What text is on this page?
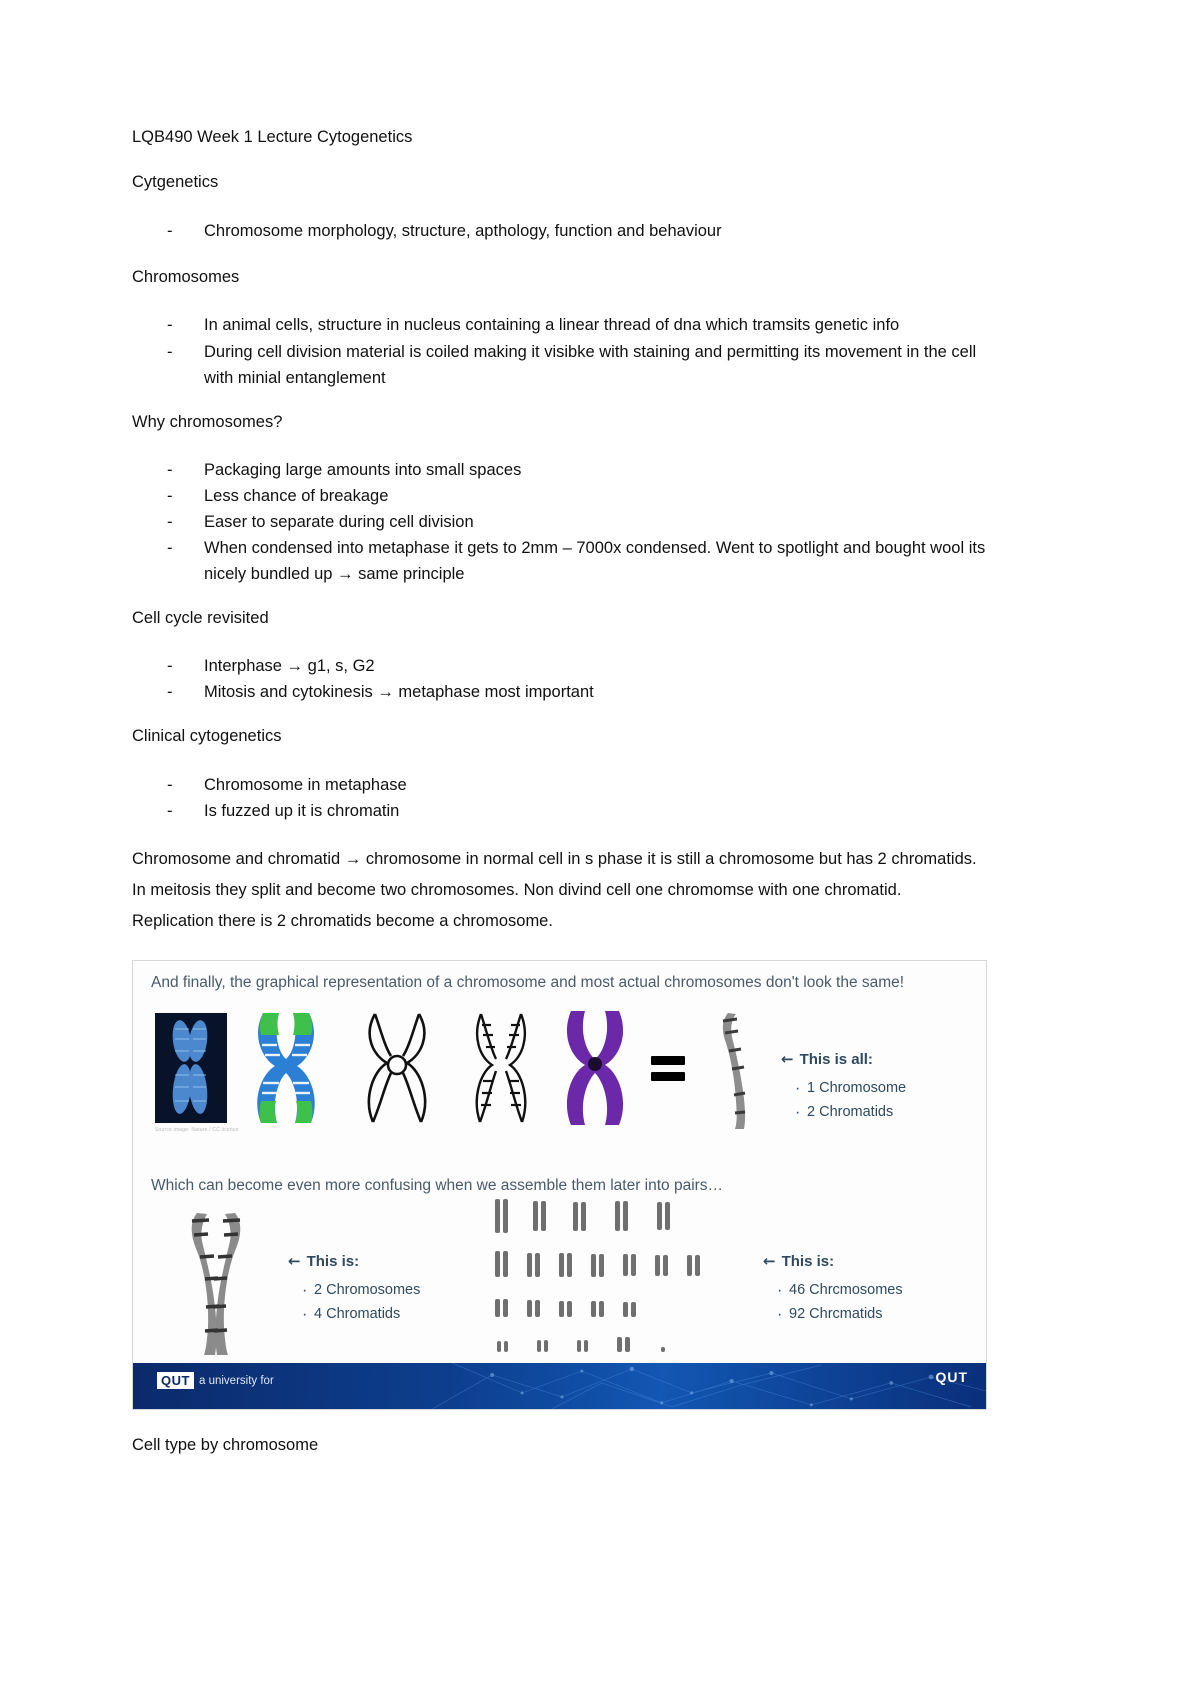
LQB490 Week 1 Lecture Cytogenetics
Cytgenetics
- Chromosome morphology, structure, apthology, function and behaviour
Chromosomes
- In animal cells, structure in nucleus containing a linear thread of dna which tramsits genetic info
- During cell division material is coiled making it visibke with staining and permitting its movement in the cell with minial entanglement
Why chromosomes?
- Packaging large amounts into small spaces
- Less chance of breakage
- Easer to separate during cell division
- When condensed into metaphase it gets to 2mm – 7000x condensed. Went to spotlight and bought wool its nicely bundled up → same principle
Cell cycle revisited
- Interphase → g1, s, G2
- Mitosis and cytokinesis → metaphase most important
Clinical cytogenetics
- Chromosome in metaphase
- Is fuzzed up it is chromatin

Chromosome and chromatid → chromosome in normal cell in s phase it is still a chromosome but has 2 chromatids. In meitosis they split and become two chromosomes. Non divind cell one chromomse with one chromatid. Replication there is 2 chromatids become a chromosome.

And finally, the graphical representation of a chromosome and most actual chromosomes don't look the same!
Source image: Nature / CC licence
← This is all:
· 1 Chromosome
· 2 Chromatids
Which can become even more confusing when we assemble them later into pairs…
← This is:
· 2 Chromosomes
· 4 Chromatids
← This is:
· 46 Chrcmosomes
· 92 Chrcmatids
QUT a university for	QUT
Cell type by chromosome
